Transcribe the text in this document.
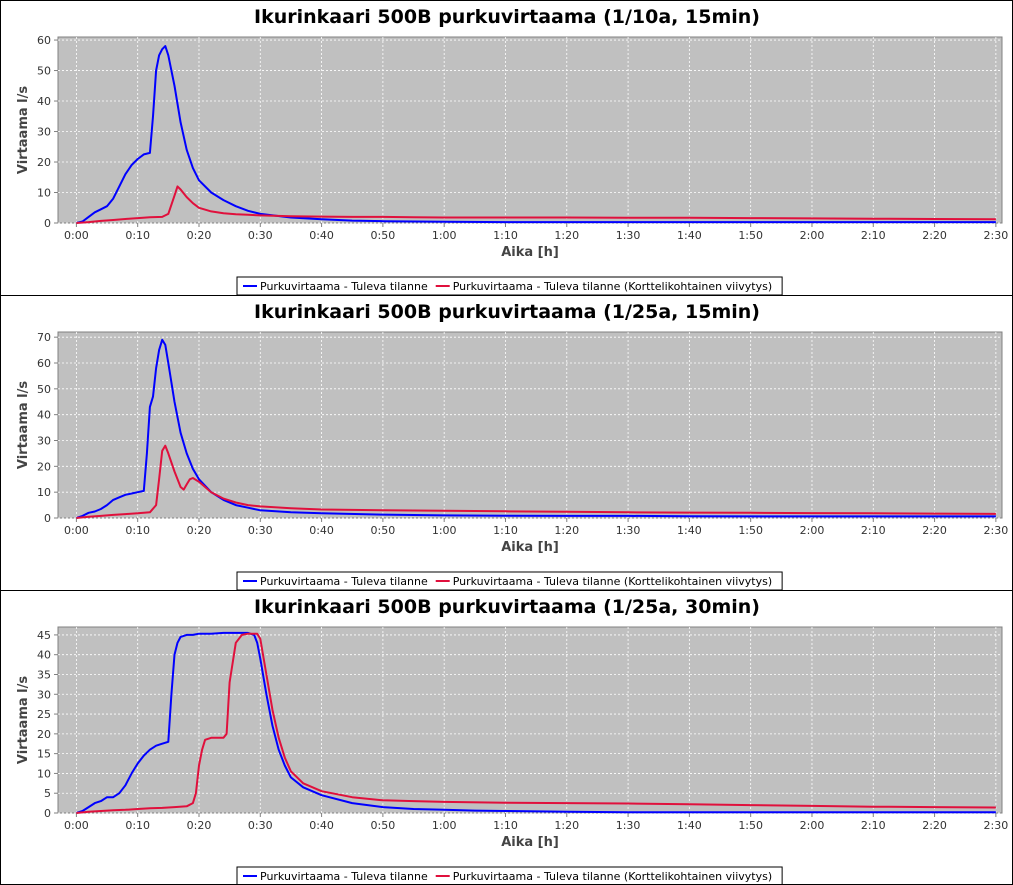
Ikurinkaari 500B purkuvirtaama (1/10a, 15min)
0:00	0:10	0:20	0:30	0:40	0:50	1:00	1:10	1:20	1:30	1:40	1:50	2:00	2:10	2:20	2:30
0
10
20
30
40
50
60
Aika [h]
Virtaama l/s
Purkuvirtaama - Tuleva tilanne Purkuvirtaama - Tuleva tilanne (Korttelikohtainen viivytys)
Ikurinkaari 500B purkuvirtaama (1/25a, 15min)
0:00	0:10	0:20	0:30	0:40	0:50	1:00	1:10	1:20	1:30	1:40	1:50	2:00	2:10	2:20	2:30
0
10
20
30
40
50
60
70
Aika [h]
Virtaama l/s
Purkuvirtaama - Tuleva tilanne Purkuvirtaama - Tuleva tilanne (Korttelikohtainen viivytys)
Ikurinkaari 500B purkuvirtaama (1/25a, 30min)
0:00	0:10	0:20	0:30	0:40	0:50	1:00	1:10	1:20	1:30	1:40	1:50	2:00	2:10	2:20	2:30
0
5
10
15
20
25
30
35
40
45
Aika [h]
Virtaama l/s
Purkuvirtaama - Tuleva tilanne Purkuvirtaama - Tuleva tilanne (Korttelikohtainen viivytys)
